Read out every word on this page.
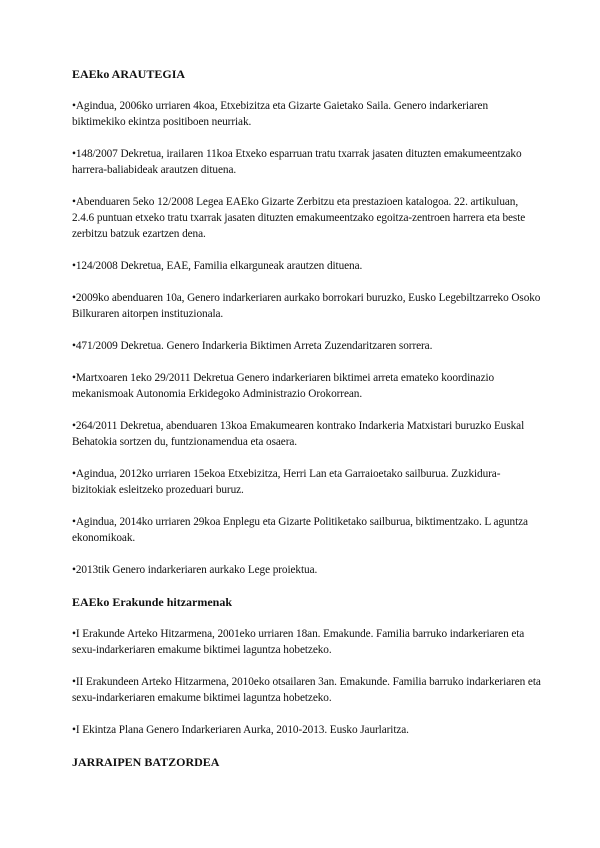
EAEko ARAUTEGIA

•Agindua, 2006ko urriaren 4koa, Etxebizitza eta Gizarte Gaietako Saila. Genero indarkeriaren biktimekiko ekintza positiboen neurriak.

•148/2007 Dekretua, irailaren 11koa Etxeko esparruan tratu txarrak jasaten dituzten emakumeentzako harrera-baliabideak arautzen dituena.

•Abenduaren 5eko 12/2008 Legea EAEko Gizarte Zerbitzu eta prestazioen katalogoa. 22. artikuluan, 2.4.6 puntuan etxeko tratu txarrak jasaten dituzten emakumeentzako egoitza-zentroen harrera eta beste zerbitzu batzuk ezartzen dena.

•124/2008 Dekretua, EAE, Familia elkarguneak arautzen dituena.

•2009ko abenduaren 10a, Genero indarkeriaren aurkako borrokari buruzko, Eusko Legebiltzarreko Osoko Bilkuraren aitorpen instituzionala.

•471/2009 Dekretua. Genero Indarkeria Biktimen Arreta Zuzendaritzaren sorrera.

•Martxoaren 1eko 29/2011 Dekretua Genero indarkeriaren biktimei arreta emateko koordinazio mekanismoak Autonomia Erkidegoko Administrazio Orokorrean.

•264/2011 Dekretua, abenduaren 13koa Emakumearen kontrako Indarkeria Matxistari buruzko Euskal Behatokia sortzen du, funtzionamendua eta osaera.

•Agindua, 2012ko urriaren 15ekoa Etxebizitza, Herri Lan eta Garraioetako sailburua. Zuzkidura-bizitokiak esleitzeko prozeduari buruz.

•Agindua, 2014ko urriaren 29koa Enplegu eta Gizarte Politiketako sailburua, biktimentzako. L aguntza ekonomikoak.

•2013tik Genero indarkeriaren aurkako Lege proiektua.

EAEko Erakunde hitzarmenak

•I Erakunde Arteko Hitzarmena, 2001eko urriaren 18an. Emakunde. Familia barruko indarkeriaren eta sexu-indarkeriaren emakume biktimei laguntza hobetzeko.

•II Erakundeen Arteko Hitzarmena, 2010eko otsailaren 3an. Emakunde. Familia barruko indarkeriaren eta sexu-indarkeriaren emakume biktimei laguntza hobetzeko.

•I Ekintza Plana Genero Indarkeriaren Aurka, 2010-2013. Eusko Jaurlaritza.

JARRAIPEN BATZORDEA
